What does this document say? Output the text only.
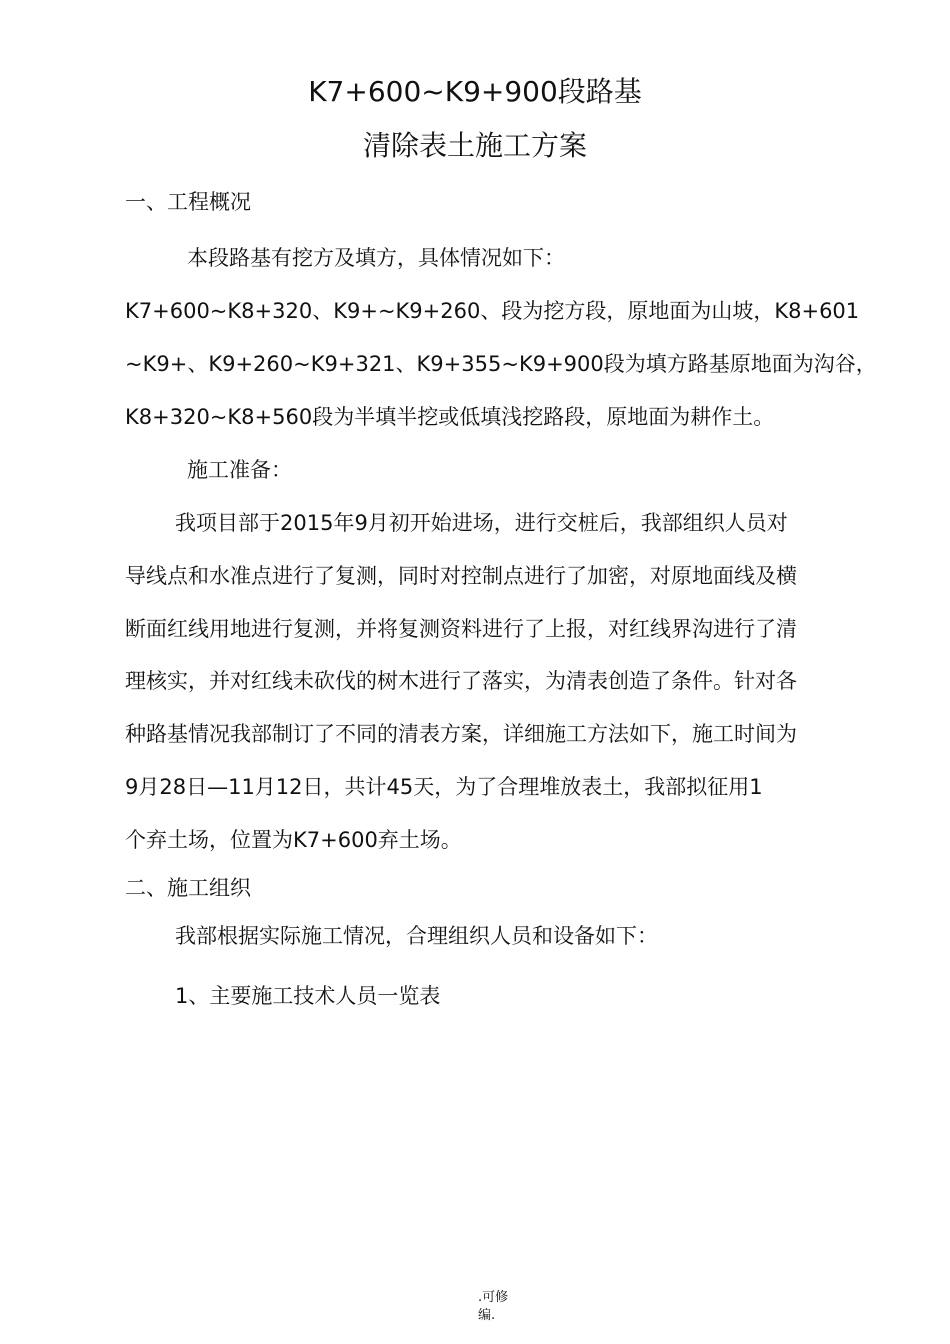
K7+600~K9+900段路基
清除表土施工方案
一、工程概况
本段路基有挖方及填方，具体情况如下：
K7+600~K8+320、K9+~K9+260、段为挖方段，原地面为山坡，K8+601
~K9+、K9+260~K9+321、K9+355~K9+900段为填方路基原地面为沟谷，
K8+320~K8+560段为半填半挖或低填浅挖路段，原地面为耕作土。
施工准备：
我项目部于2015年9月初开始进场，进行交桩后，我部组织人员对
导线点和水准点进行了复测，同时对控制点进行了加密，对原地面线及横
断面红线用地进行复测，并将复测资料进行了上报，对红线界沟进行了清
理核实，并对红线未砍伐的树木进行了落实，为清表创造了条件。针对各
种路基情况我部制订了不同的清表方案，详细施工方法如下，施工时间为
9月28日—11月12日，共计45天，为了合理堆放表土，我部拟征用1
个弃土场，位置为K7+600弃土场。
二、施工组织
我部根据实际施工情况，合理组织人员和设备如下：
1、主要施工技术人员一览表
.可修
编.
